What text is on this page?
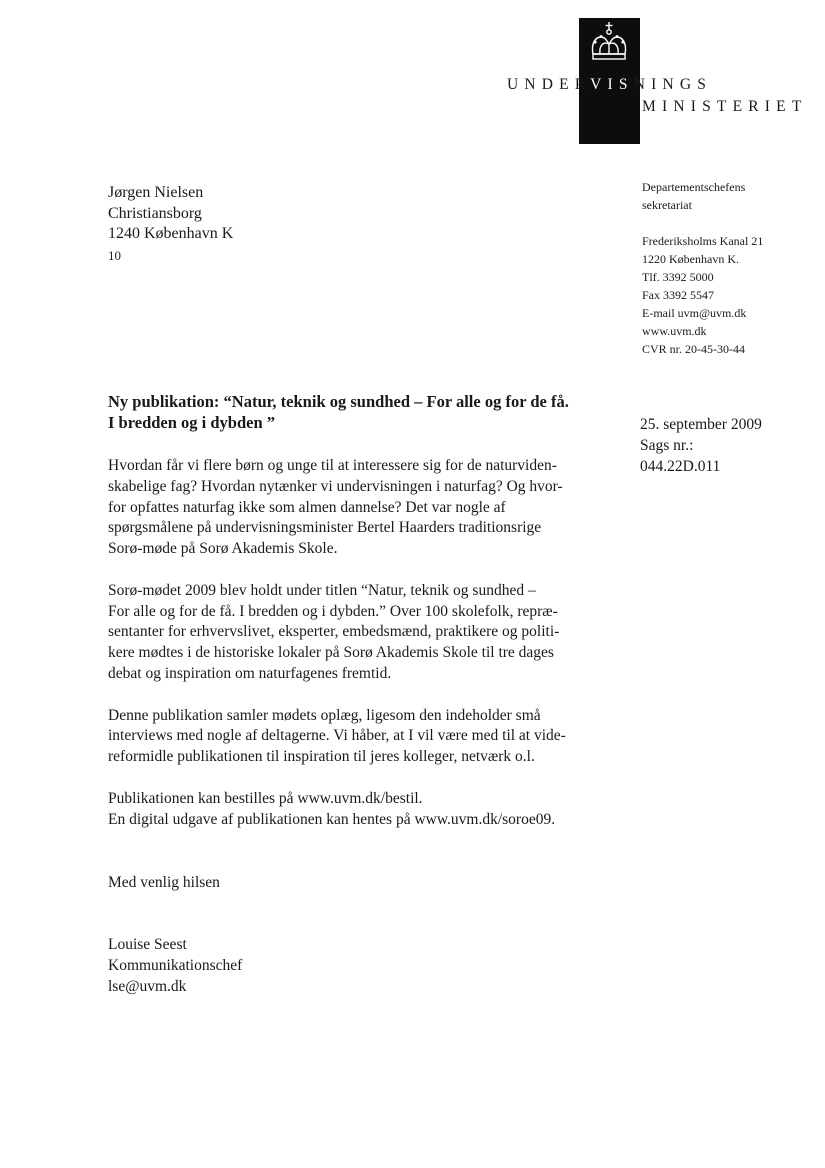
UNDERVISNINGS
MINISTERIET
Jørgen Nielsen
Christiansborg
1240 København K
10
Departementschefens
sekretariat
Frederiksholms Kanal 21
1220 København K.
Tlf. 3392 5000
Fax 3392 5547
E-mail uvm@uvm.dk
www.uvm.dk
CVR nr. 20-45-30-44
Ny publikation: “Natur, teknik og sundhed – For alle og for de få.
I bredden og i dybden ”	25. september 2009
Sags nr.:
044.22D.011

Hvordan får vi flere børn og unge til at interessere sig for de naturviden-
skabelige fag? Hvordan nytænker vi undervisningen i naturfag? Og hvor-
for opfattes naturfag ikke som almen dannelse? Det var nogle af
spørgsmålene på undervisningsminister Bertel Haarders traditionsrige
Sorø-møde på Sorø Akademis Skole.

Sorø-mødet 2009 blev holdt under titlen “Natur, teknik og sundhed –
For alle og for de få. I bredden og i dybden.” Over 100 skolefolk, repræ-
sentanter for erhvervslivet, eksperter, embedsmænd, praktikere og politi-
kere mødtes i de historiske lokaler på Sorø Akademis Skole til tre dages
debat og inspiration om naturfagenes fremtid.

Denne publikation samler mødets oplæg, ligesom den indeholder små
interviews med nogle af deltagerne. Vi håber, at I vil være med til at vide-
reformidle publikationen til inspiration til jeres kolleger, netværk o.l.

Publikationen kan bestilles på www.uvm.dk/bestil.
En digital udgave af publikationen kan hentes på www.uvm.dk/soroe09.

Med venlig hilsen
Louise Seest
Kommunikationschef
lse@uvm.dk
